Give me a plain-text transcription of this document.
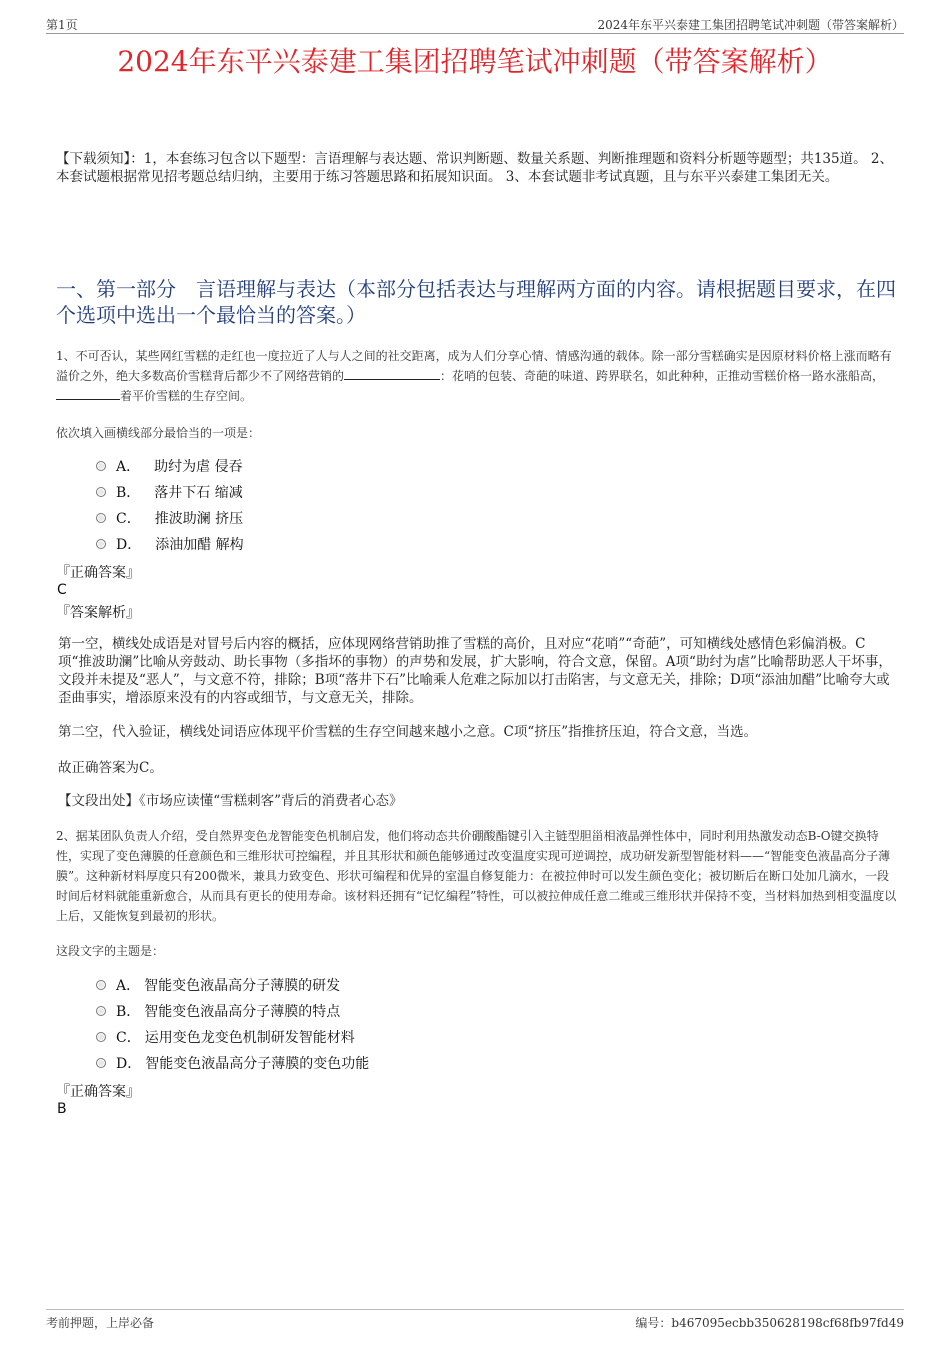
第1页	2024年东平兴泰建工集团招聘笔试冲刺题（带答案解析）
2024年东平兴泰建工集团招聘笔试冲刺题（带答案解析）
【下载须知】：1，本套练习包含以下题型：言语理解与表达题、常识判断题、数量关系题、判断推理题和资料分析题等题型；共135道。 2、本套试题根据常见招考题总结归纳，主要用于练习答题思路和拓展知识面。 3、本套试题非考试真题，且与东平兴泰建工集团无关。
一、第一部分　言语理解与表达（本部分包括表达与理解两方面的内容。请根据题目要求，在四个选项中选出一个最恰当的答案。）
1、不可否认，某些网红雪糕的走红也一度拉近了人与人之间的社交距离，成为人们分享心情、情感沟通的载体。除一部分雪糕确实是因原材料价格上涨而略有溢价之外，绝大多数高价雪糕背后都少不了网络营销的	：花哨的包装、奇葩的味道、跨界联名，如此种种，正推动雪糕价格一路水涨船高，着平价雪糕的生存空间。
依次填入画横线部分最恰当的一项是：
A． 助纣为虐 侵吞
B． 落井下石 缩减
C． 推波助澜 挤压
D． 添油加醋 解构
『正确答案』
C
『答案解析』
第一空，横线处成语是对冒号后内容的概括，应体现网络营销助推了雪糕的高价，且对应“花哨”“奇葩”，可知横线处感情色彩偏消极。C项“推波助澜”比喻从旁鼓动、助长事物（多指坏的事物）的声势和发展，扩大影响，符合文意，保留。A项“助纣为虐”比喻帮助恶人干坏事，文段并未提及“恶人”，与文意不符，排除；B项“落井下石”比喻乘人危难之际加以打击陷害，与文意无关，排除；D项“添油加醋”比喻夸大或歪曲事实，增添原来没有的内容或细节，与文意无关，排除。
第二空，代入验证，横线处词语应体现平价雪糕的生存空间越来越小之意。C项“挤压”指推挤压迫，符合文意，当选。
故正确答案为C。
【文段出处】《市场应读懂“雪糕刺客”背后的消费者心态》
2、据某团队负责人介绍，受自然界变色龙智能变色机制启发，他们将动态共价硼酸酯键引入主链型胆甾相液晶弹性体中，同时利用热激发动态B-O键交换特性，实现了变色薄膜的任意颜色和三维形状可控编程，并且其形状和颜色能够通过改变温度实现可逆调控，成功研发新型智能材料——“智能变色液晶高分子薄膜”。这种新材料厚度只有200微米，兼具力致变色、形状可编程和优异的室温自修复能力：在被拉伸时可以发生颜色变化；被切断后在断口处加几滴水，一段时间后材料就能重新愈合，从而具有更长的使用寿命。该材料还拥有“记忆编程”特性，可以被拉伸成任意二维或三维形状并保持不变，当材料加热到相变温度以上后，又能恢复到最初的形状。
这段文字的主题是：
A． 智能变色液晶高分子薄膜的研发
B． 智能变色液晶高分子薄膜的特点
C． 运用变色龙变色机制研发智能材料
D． 智能变色液晶高分子薄膜的变色功能
『正确答案』
B
考前押题，上岸必备	编号：b467095ecbb350628198cf68fb97fd49
